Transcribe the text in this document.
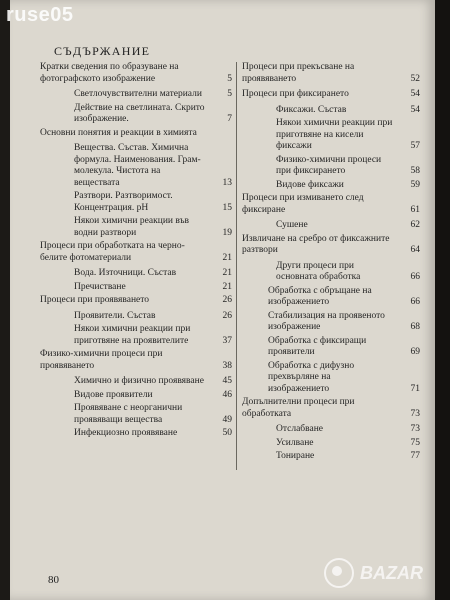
СЪДЪРЖАНИЕ
Кратки сведения по образуване на фотографското изображение	5
Светлочувствителни материали	5
Действие на светлината. Скрито изображение.	7
Основни понятия и реакции в химията
Вещества. Състав. Химична формула. Наименования. Грам-молекула. Чистота на веществата	13
Разтвори. Разтворимост. Концентрация. pH	15
Някои химични реакции във водни разтвори	19
Процеси при обработката на черно-белите фотоматериали	21
Вода. Източници. Състав	21
Пречистване	21
Процеси при проявяването	26
Проявители. Състав	26
Някои химични реакции при приготвяне на проявителите	37
Физико-химични процеси при проявяването	38
Химично и физично проявяване	45
Видове проявители	46
Проявяване с неорганични проявяващи вещества	49
Инфекциозно проявяване	50
Процеси при прекъсване на проявяването	52
Процеси при фиксирането	54
Фиксажи. Състав	54
Някои химични реакции при приготвяне на кисели фиксажи	57
Физико-химични процеси при фиксирането	58
Видове фиксажи	59
Процеси при измиването след фиксиране	61
Сушене	62
Извличане на сребро от фиксажните разтвори	64
Други процеси при основната обработка	66
Обработка с обръщане на изображението	66
Стабилизация на проявеното изображение	68
Обработка с фиксиращи проявители	69
Обработка с дифузно прехвърляне на изображението	71
Допълнителни процеси при обработката	73
Отслабване	73
Усилване	75
Тониране	77
80
ruse05
BAZAR
